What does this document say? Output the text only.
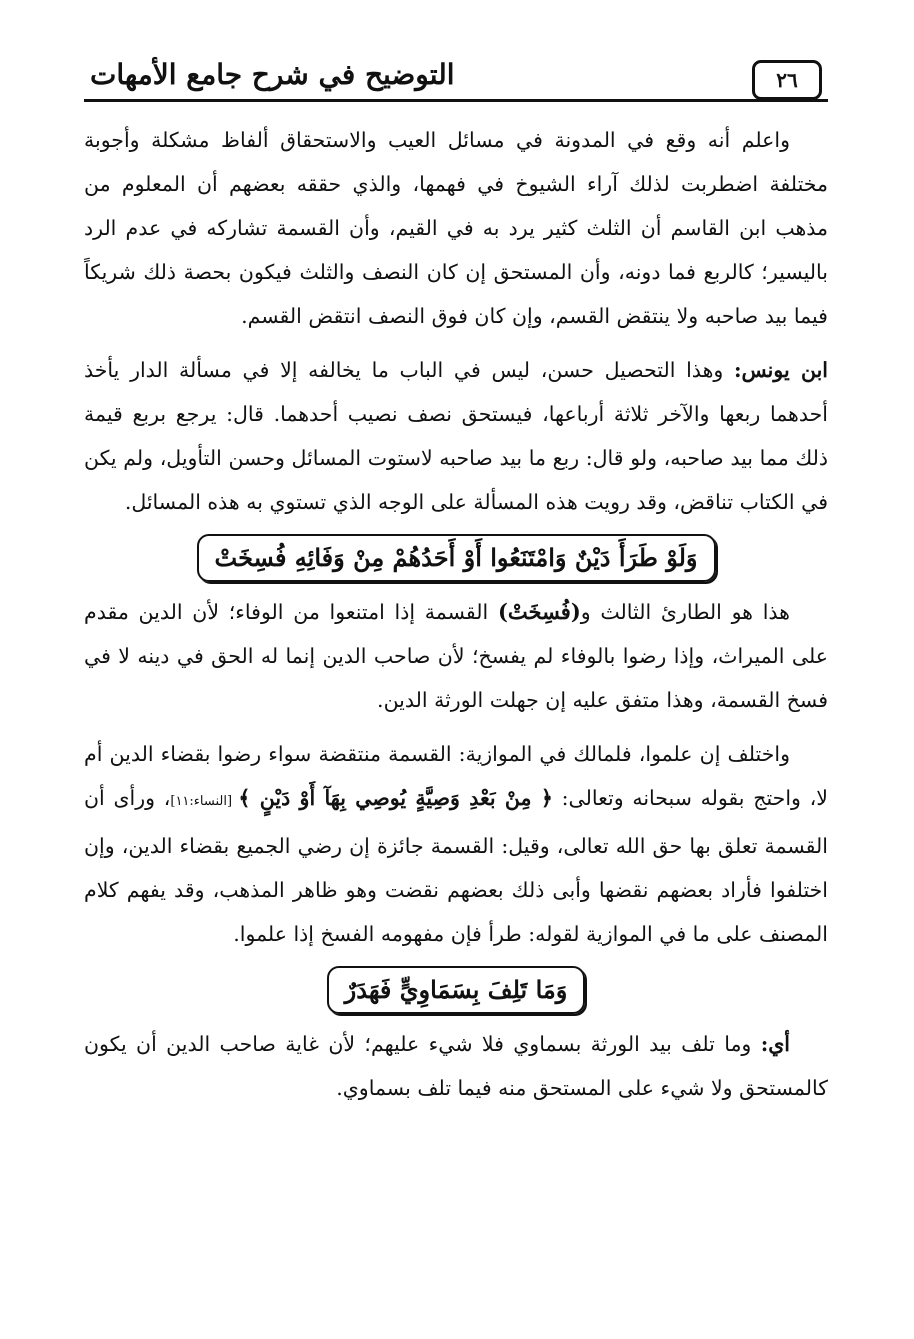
التوضيح في شرح جامع الأمهات	٢٦

واعلم أنه وقع في المدونة في مسائل العيب والاستحقاق ألفاظ مشكلة وأجوبة مختلفة اضطربت لذلك آراء الشيوخ في فهمها، والذي حققه بعضهم أن المعلوم من مذهب ابن القاسم أن الثلث كثير يرد به في القيم، وأن القسمة تشاركه في عدم الرد باليسير؛ كالربع فما دونه، وأن المستحق إن كان النصف والثلث فيكون بحصة ذلك شريكاً فيما بيد صاحبه ولا ينتقض القسم، وإن كان فوق النصف انتقض القسم.

ابن يونس: وهذا التحصيل حسن، ليس في الباب ما يخالفه إلا في مسألة الدار يأخذ أحدهما ربعها والآخر ثلاثة أرباعها، فيستحق نصف نصيب أحدهما. قال: يرجع بربع قيمة ذلك مما بيد صاحبه، ولو قال: ربع ما بيد صاحبه لاستوت المسائل وحسن التأويل، ولم يكن في الكتاب تناقض، وقد رويت هذه المسألة على الوجه الذي تستوي به هذه المسائل.

وَلَوْ طَرَأَ دَيْنٌ وَامْتَنَعُوا أَوْ أَحَدُهُمْ مِنْ وَفَائِهِ فُسِخَتْ

هذا هو الطارئ الثالث و(فُسِخَتْ) القسمة إذا امتنعوا من الوفاء؛ لأن الدين مقدم على الميراث، وإذا رضوا بالوفاء لم يفسخ؛ لأن صاحب الدين إنما له الحق في دينه لا في فسخ القسمة، وهذا متفق عليه إن جهلت الورثة الدين.

واختلف إن علموا، فلمالك في الموازية: القسمة منتقضة سواء رضوا بقضاء الدين أم لا، واحتج بقوله سبحانه وتعالى: ﴿ مِنْ بَعْدِ وَصِيَّةٍ يُوصِي بِهَآ أَوْ دَيْنٍ ﴾ [النساء:١١]، ورأى أن القسمة تعلق بها حق الله تعالى، وقيل: القسمة جائزة إن رضي الجميع بقضاء الدين، وإن اختلفوا فأراد بعضهم نقضها وأبى ذلك بعضهم نقضت وهو ظاهر المذهب، وقد يفهم كلام المصنف على ما في الموازية لقوله: طرأ فإن مفهومه الفسخ إذا علموا.

وَمَا تَلِفَ بِسَمَاوِيٍّ فَهَدَرٌ

أي: وما تلف بيد الورثة بسماوي فلا شيء عليهم؛ لأن غاية صاحب الدين أن يكون كالمستحق ولا شيء على المستحق منه فيما تلف بسماوي.
